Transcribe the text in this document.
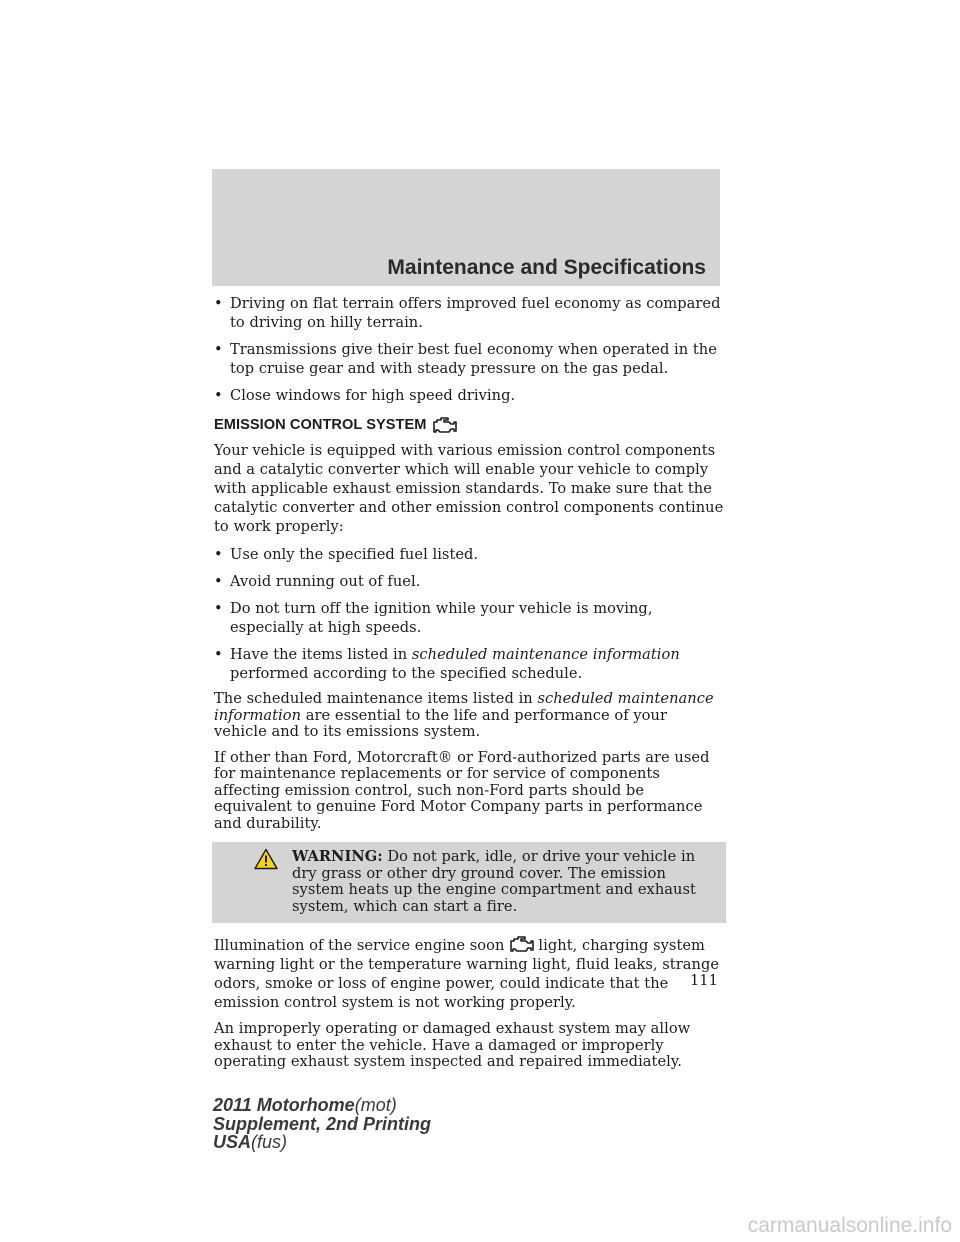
Maintenance and Specifications
• Driving on flat terrain offers improved fuel economy as compared to driving on hilly terrain.
• Transmissions give their best fuel economy when operated in the top cruise gear and with steady pressure on the gas pedal.
• Close windows for high speed driving.
EMISSION CONTROL SYSTEM

Your vehicle is equipped with various emission control components and a catalytic converter which will enable your vehicle to comply with applicable exhaust emission standards. To make sure that the catalytic converter and other emission control components continue to work properly:

• Use only the specified fuel listed.
• Avoid running out of fuel.
• Do not turn off the ignition while your vehicle is moving, especially at high speeds.
• Have the items listed in scheduled maintenance information performed according to the specified schedule.

The scheduled maintenance items listed in scheduled maintenance information are essential to the life and performance of your vehicle and to its emissions system.

If other than Ford, Motorcraft® or Ford-authorized parts are used for maintenance replacements or for service of components affecting emission control, such non-Ford parts should be equivalent to genuine Ford Motor Company parts in performance and durability.

WARNING: Do not park, idle, or drive your vehicle in dry grass or other dry ground cover. The emission system heats up the engine compartment and exhaust system, which can start a fire.

Illumination of the service engine soon light, charging system warning light or the temperature warning light, fluid leaks, strange odors, smoke or loss of engine power, could indicate that the emission control system is not working properly.

An improperly operating or damaged exhaust system may allow exhaust to enter the vehicle. Have a damaged or improperly operating exhaust system inspected and repaired immediately.

111
2011 Motorhome(mot)
Supplement, 2nd Printing
USA(fus)
carmanualsonline.info
